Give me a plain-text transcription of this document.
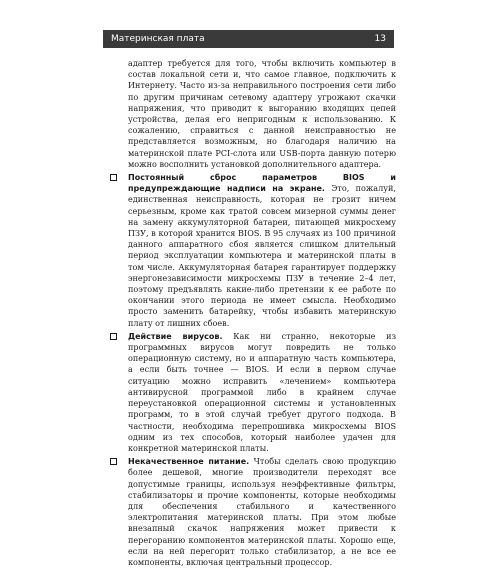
Материнская плата	13

адаптер требуется для того, чтобы включить компьютер в состав локальной сети и, что самое главное, подключить к Интернету. Часто из-за неправильного построения сети либо по другим причинам сетевому адаптеру угрожают скачки напряжения, что приводит к выгоранию входящих цепей устройства, делая его непригодным к использованию. К сожалению, справиться с данной неисправностью не представляется возможным, но благодаря наличию на материнской плате PCI-слота или USB-порта данную потерю можно восполнить установкой дополнительного адаптера.

Постоянный сброс параметров BIOS и предупреждающие надписи на экране. Это, пожалуй, единственная неисправность, которая не грозит ничем серьезным, кроме как тратой совсем мизерной суммы денег на замену аккумуляторной батареи, питающей микросхему ПЗУ, в которой хранится BIOS. В 95 случаях из 100 причиной данного аппаратного сбоя является слишком длительный период эксплуатации компьютера и материнской платы в том числе. Аккумуляторная батарея гарантирует поддержку энергонезависимости микросхемы ПЗУ в течение 2–4 лет, поэтому предъявлять какие-либо претензии к ее работе по окончании этого периода не имеет смысла. Необходимо просто заменить батарейку, чтобы избавить материнскую плату от лишних сбоев.
Действие вирусов. Как ни странно, некоторые из программных вирусов могут повредить не только операционную систему, но и аппаратную часть компьютера, а если быть точнее — BIOS. И если в первом случае ситуацию можно исправить «лечением» компьютера антивирусной программой либо в крайнем случае переустановкой операционной системы и установленных программ, то в этой случай требует другого подхода. В частности, необходима перепрошивка микросхемы BIOS одним из тех способов, который наиболее удачен для конкретной материнской платы.
Некачественное питание. Чтобы сделать свою продукцию более дешевой, многие производители переходят все допустимые границы, используя неэффективные фильтры, стабилизаторы и прочие компоненты, которые необходимы для обеспечения стабильного и качественного электропитания материнской платы. При этом любые внезапный скачок напряжения может привести к перегоранию компонентов материнской платы. Хорошо еще, если на ней перегорит только стабилизатор, а не все ее компоненты, включая центральный процессор.
